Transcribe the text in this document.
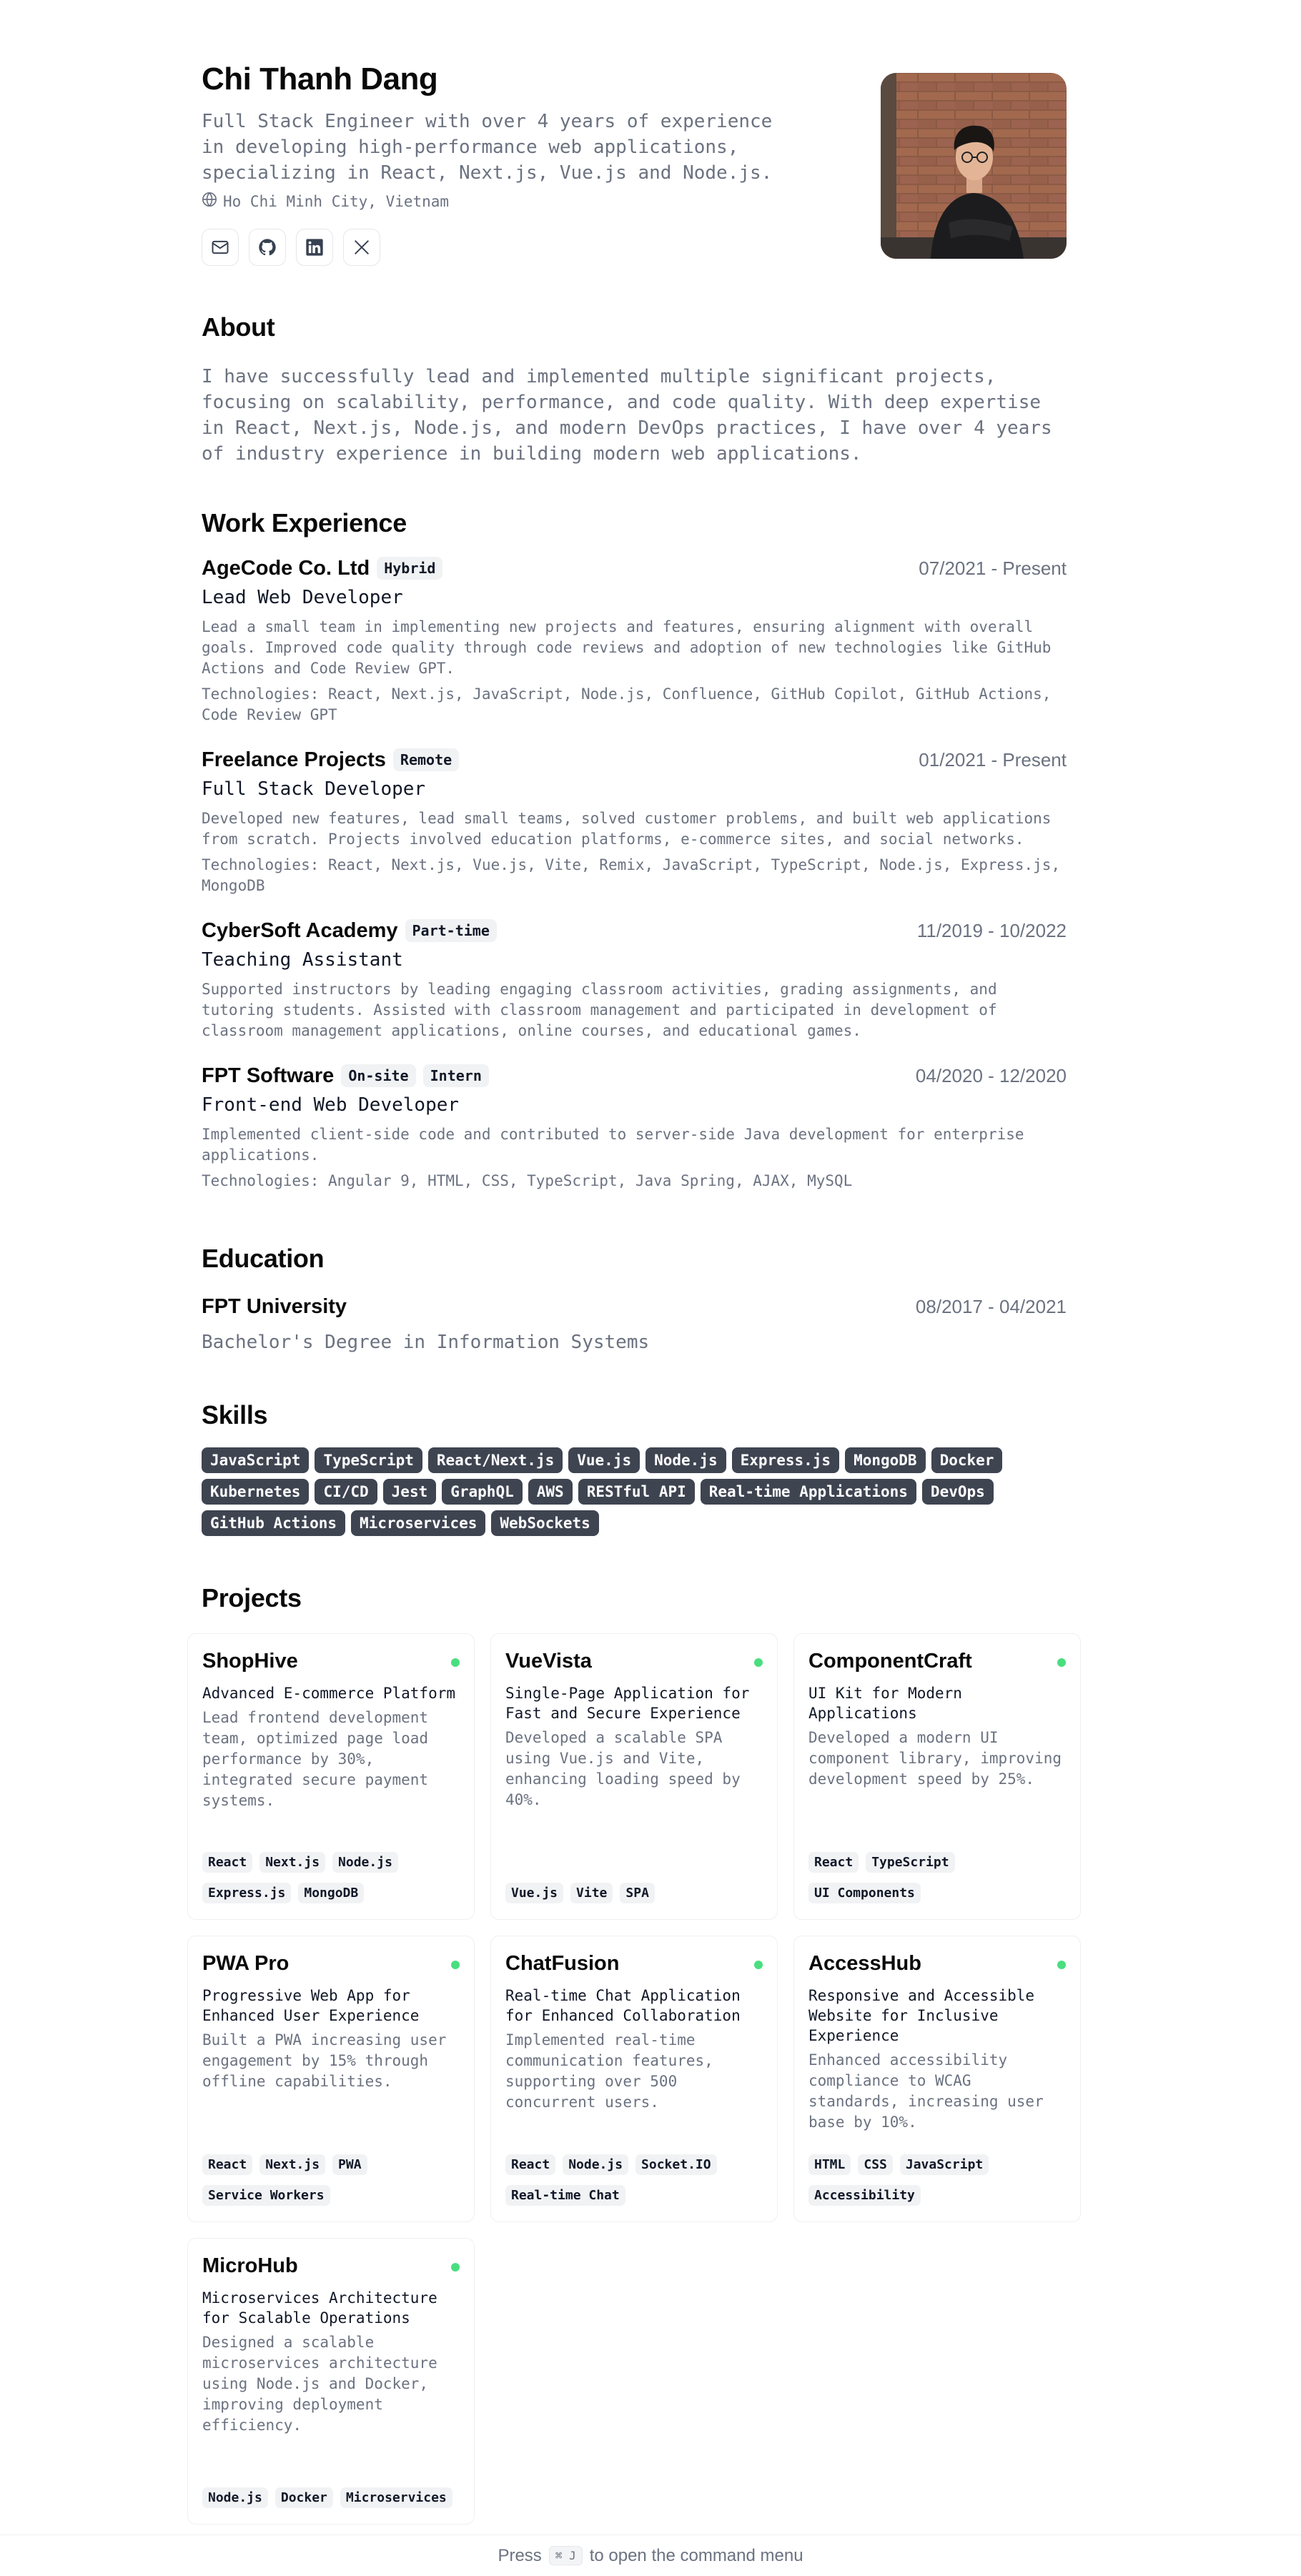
Chi Thanh Dang

Full Stack Engineer with over 4 years of experience in developing high-performance web applications, specializing in React, Next.js, Vue.js and Node.js.

Ho Chi Minh City, Vietnam
About

I have successfully lead and implemented multiple significant projects, focusing on scalability, performance, and code quality. With deep expertise in React, Next.js, Node.js, and modern DevOps practices, I have over 4 years of industry experience in building modern web applications.

Work Experience
AgeCode Co. Ltd	Hybrid	07/2021 - Present
Lead Web Developer
Lead a small team in implementing new projects and features, ensuring alignment with overall goals. Improved code quality through code reviews and adoption of new technologies like GitHub Actions and Code Review GPT.
Technologies: React, Next.js, JavaScript, Node.js, Confluence, GitHub Copilot, GitHub Actions, Code Review GPT
Freelance Projects	Remote	01/2021 - Present
Full Stack Developer
Developed new features, lead small teams, solved customer problems, and built web applications from scratch. Projects involved education platforms, e-commerce sites, and social networks.
Technologies: React, Next.js, Vue.js, Vite, Remix, JavaScript, TypeScript, Node.js, Express.js, MongoDB
CyberSoft Academy	Part-time	11/2019 - 10/2022
Teaching Assistant
Supported instructors by leading engaging classroom activities, grading assignments, and tutoring students. Assisted with classroom management and participated in development of classroom management applications, online courses, and educational games.
FPT Software	On-site	Intern	04/2020 - 12/2020
Front-end Web Developer
Implemented client-side code and contributed to server-side Java development for enterprise applications.
Technologies: Angular 9, HTML, CSS, TypeScript, Java Spring, AJAX, MySQL
Education
FPT University	08/2017 - 04/2021
Bachelor's Degree in Information Systems
Skills
JavaScript	TypeScript	React/Next.js	Vue.js	Node.js	Express.js	MongoDB	Docker
Kubernetes	CI/CD	Jest	GraphQL	AWS	RESTful API	Real-time Applications	DevOps
GitHub Actions	Microservices	WebSockets
Projects
ShopHive
Advanced E-commerce Platform
Lead frontend development team, optimized page load performance by 30%, integrated secure payment systems.
React	Next.js	Node.js
Express.js	MongoDB
VueVista
Single-Page Application for Fast and Secure Experience
Developed a scalable SPA using Vue.js and Vite, enhancing loading speed by 40%.
Vue.js	Vite	SPA
ComponentCraft
UI Kit for Modern Applications
Developed a modern UI component library, improving development speed by 25%.
React	TypeScript
UI Components
PWA Pro
Progressive Web App for Enhanced User Experience
Built a PWA increasing user engagement by 15% through offline capabilities.
React	Next.js	PWA
Service Workers
ChatFusion
Real-time Chat Application for Enhanced Collaboration
Implemented real-time communication features, supporting over 500 concurrent users.
React	Node.js	Socket.IO
Real-time Chat
AccessHub
Responsive and Accessible Website for Inclusive Experience
Enhanced accessibility compliance to WCAG standards, increasing user base by 10%.
HTML	CSS	JavaScript
Accessibility
MicroHub
Microservices Architecture for Scalable Operations
Designed a scalable microservices architecture using Node.js and Docker, improving deployment efficiency.
Node.js	Docker	Microservices
Press	⌘ J to open the command menu
